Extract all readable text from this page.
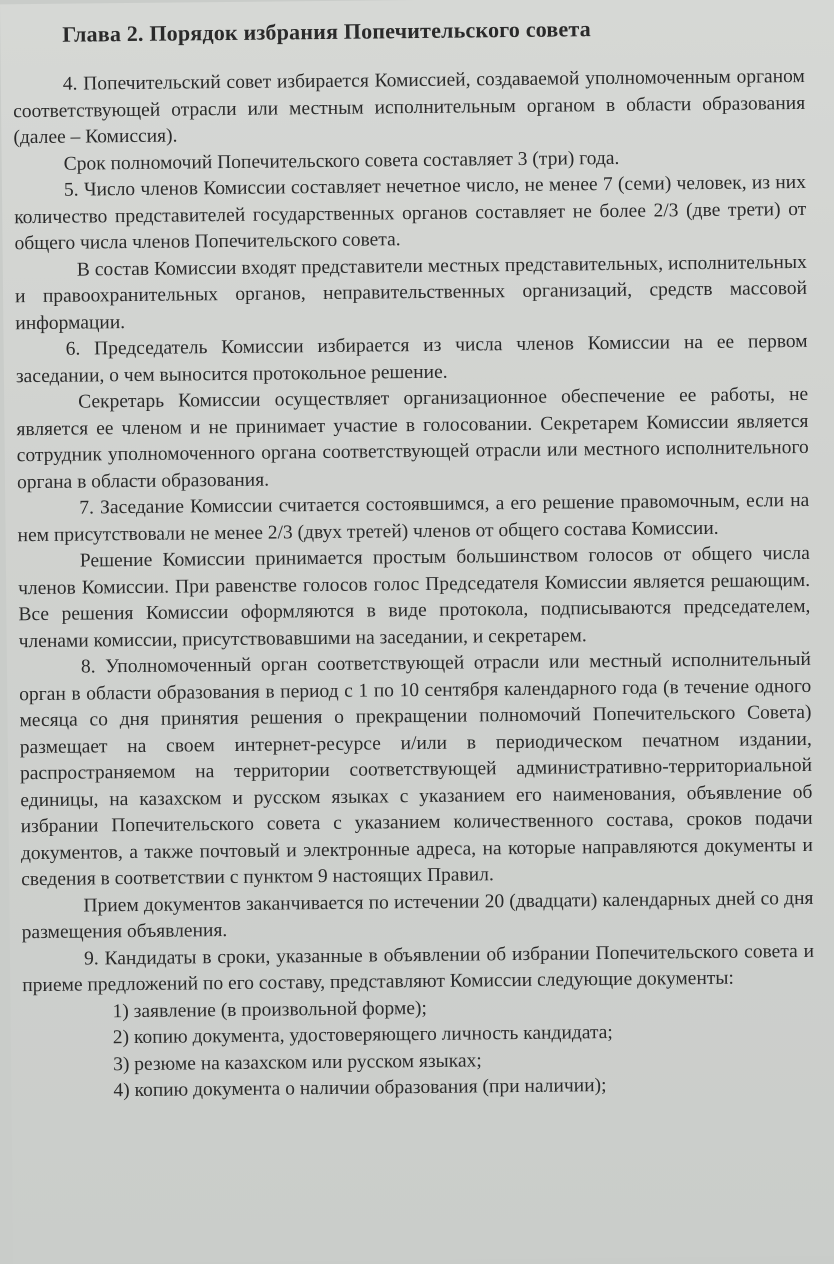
Глава 2. Порядок избрания Попечительского совета

4. Попечительский совет избирается Комиссией, создаваемой уполномоченным органом соответствующей отрасли или местным исполнительным органом в области образования (далее – Комиссия).

Срок полномочий Попечительского совета составляет 3 (три) года.

5. Число членов Комиссии составляет нечетное число, не менее 7 (семи) человек, из них количество представителей государственных органов составляет не более 2/3 (две трети) от общего числа членов Попечительского совета.

В состав Комиссии входят представители местных представительных, исполнительных и правоохранительных органов, неправительственных организаций, средств массовой информации.

6. Председатель Комиссии избирается из числа членов Комиссии на ее первом заседании, о чем выносится протокольное решение.

Секретарь Комиссии осуществляет организационное обеспечение ее работы, не является ее членом и не принимает участие в голосовании. Секретарем Комиссии является сотрудник уполномоченного органа соответствующей отрасли или местного исполнительного органа в области образования.

7. Заседание Комиссии считается состоявшимся, а его решение правомочным, если на нем присутствовали не менее 2/3 (двух третей) членов от общего состава Комиссии.

Решение Комиссии принимается простым большинством голосов от общего числа членов Комиссии. При равенстве голосов голос Председателя Комиссии является решающим. Все решения Комиссии оформляются в виде протокола, подписываются председателем, членами комиссии, присутствовавшими на заседании, и секретарем.

8. Уполномоченный орган соответствующей отрасли или местный исполнительный орган в области образования в период с 1 по 10 сентября календарного года (в течение одного месяца со дня принятия решения о прекращении полномочий Попечительского Совета) размещает на своем интернет-ресурсе и/или в периодическом печатном издании, распространяемом на территории соответствующей административно-территориальной единицы, на казахском и русском языках с указанием его наименования, объявление об избрании Попечительского совета с указанием количественного состава, сроков подачи документов, а также почтовый и электронные адреса, на которые направляются документы и сведения в соответствии с пунктом 9 настоящих Правил.

Прием документов заканчивается по истечении 20 (двадцати) календарных дней со дня размещения объявления.

9. Кандидаты в сроки, указанные в объявлении об избрании Попечительского совета и приеме предложений по его составу, представляют Комиссии следующие документы:

1) заявление (в произвольной форме);

2) копию документа, удостоверяющего личность кандидата;

3) резюме на казахском или русском языках;

4) копию документа о наличии образования (при наличии);
